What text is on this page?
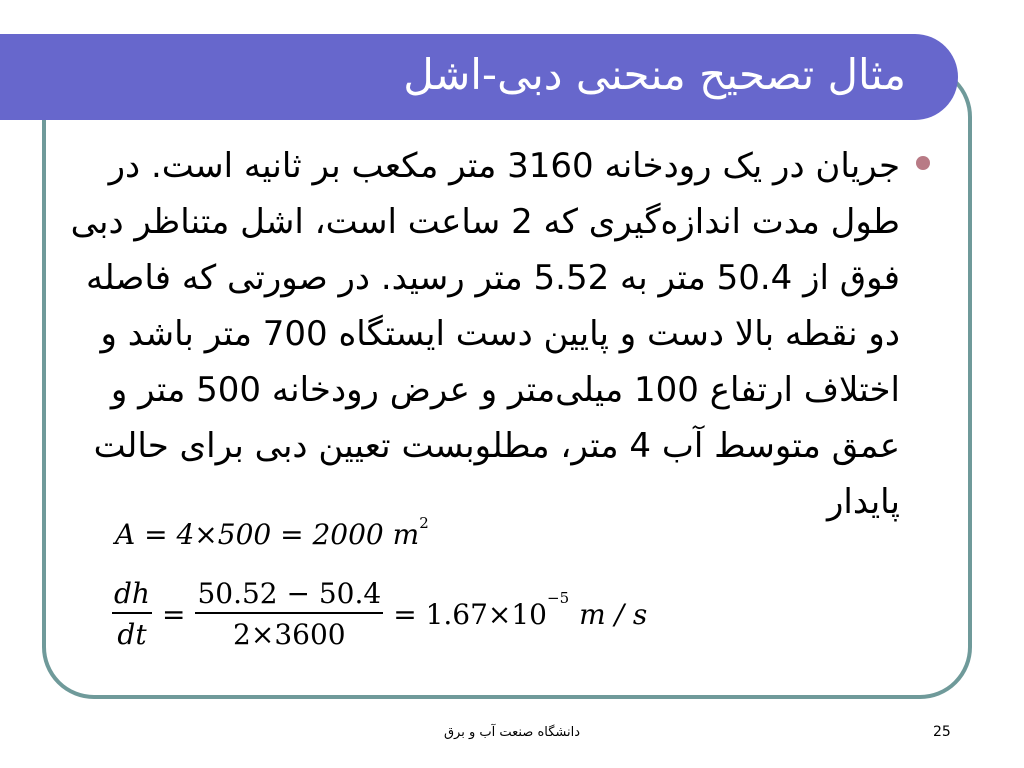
مثال تصحیح منحنی دبی-اشل
جریان در یک رودخانه 3160 متر مکعب بر ثانیه است. در طول مدت اندازه‌گیری که 2 ساعت است، اشل متناظر دبی فوق از 50.4 متر به 5.52 متر رسید. در صورتی که فاصله دو نقطه بالا دست و پایین دست ایستگاه 700 متر باشد و اختلاف ارتفاع 100 میلی‌متر و عرض رودخانه 500 متر و عمق متوسط آب 4 متر، مطلوبست تعیین دبی برای حالت پایدار
A = 4×500 = 2000 $m^2$
$\frac{dh}{dt} = \frac{50.52 - 50.4}{2\times 3600} = 1.67\times 10^{-5}$ m / s
دانشگاه صنعت آب و برق	25
